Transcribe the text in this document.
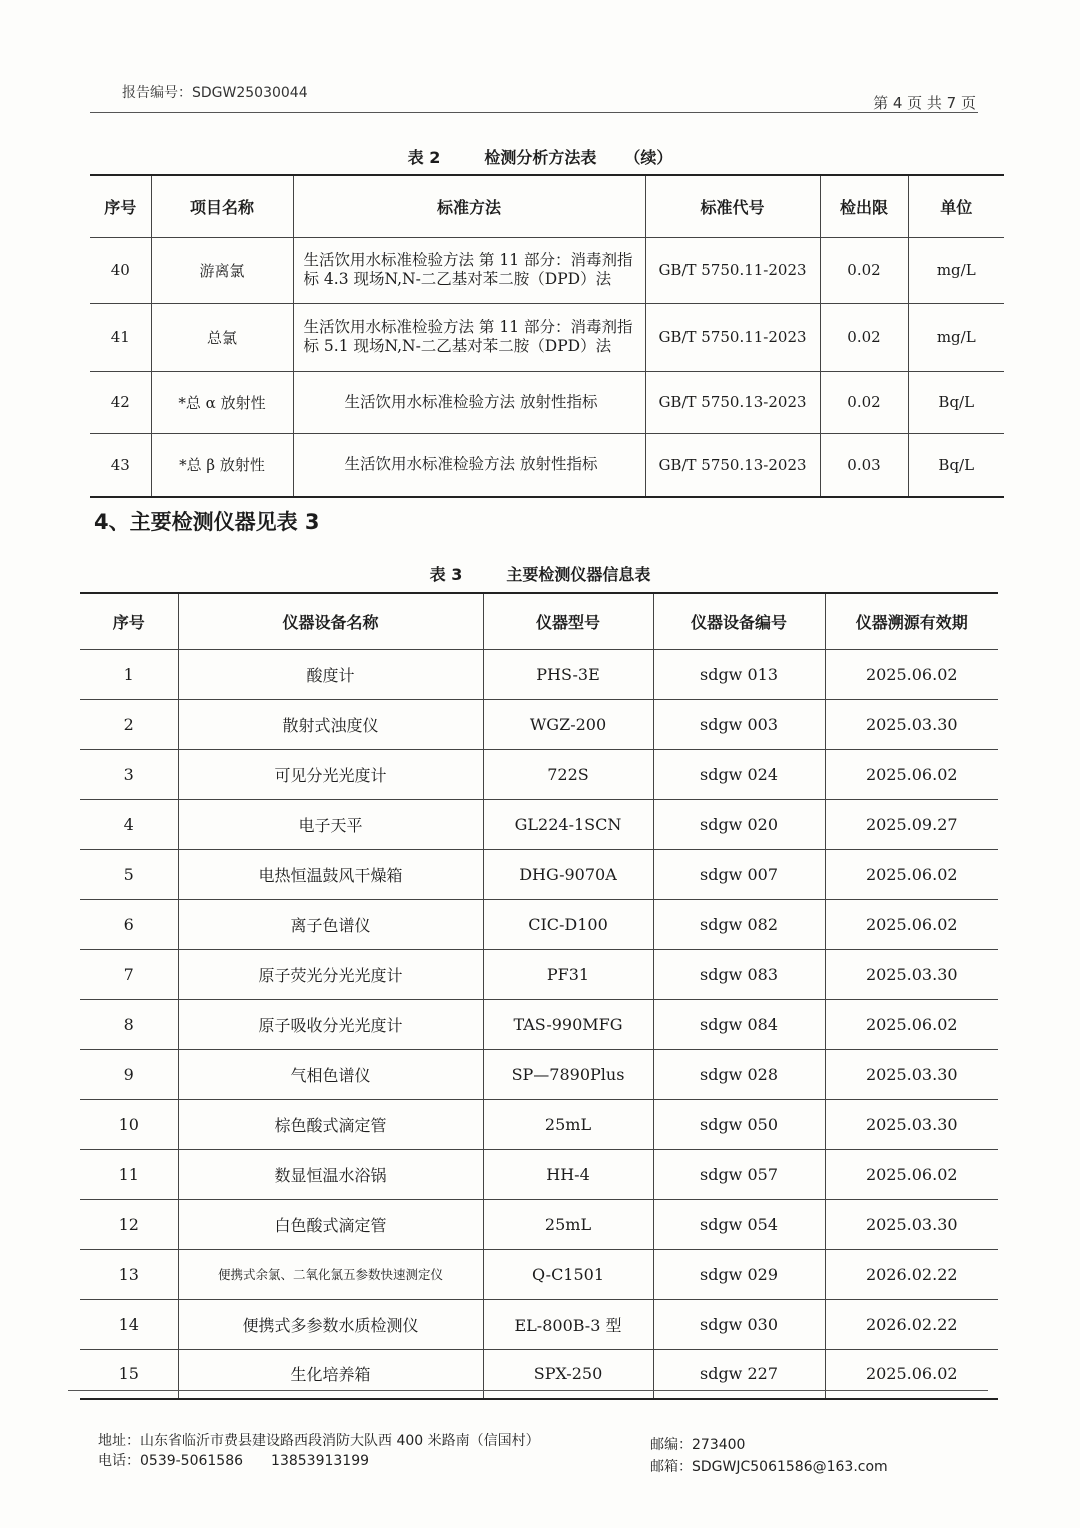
报告编号：SDGW25030044
第 4 页 共 7 页
表 2	检测分析方法表 （续）
序号	项目名称	标准方法	标准代号	检出限	单位
40	游离氯	生活饮用水标准检验方法 第 11 部分：消毒剂指标 4.3 现场N,N-二乙基对苯二胺（DPD）法	GB/T 5750.11-2023	0.02	mg/L
41	总氯	生活饮用水标准检验方法 第 11 部分：消毒剂指标 5.1 现场N,N-二乙基对苯二胺（DPD）法	GB/T 5750.11-2023	0.02	mg/L
42	*总 α 放射性	生活饮用水标准检验方法 放射性指标	GB/T 5750.13-2023	0.02	Bq/L
43	*总 β 放射性	生活饮用水标准检验方法 放射性指标	GB/T 5750.13-2023	0.03	Bq/L
4、主要检测仪器见表 3
表 3	主要检测仪器信息表
序号	仪器设备名称	仪器型号	仪器设备编号	仪器溯源有效期
1	酸度计	PHS-3E	sdgw 013	2025.06.02
2	散射式浊度仪	WGZ-200	sdgw 003	2025.03.30
3	可见分光光度计	722S	sdgw 024	2025.06.02
4	电子天平	GL224-1SCN	sdgw 020	2025.09.27
5	电热恒温鼓风干燥箱	DHG-9070A	sdgw 007	2025.06.02
6	离子色谱仪	CIC-D100	sdgw 082	2025.06.02
7	原子荧光分光光度计	PF31	sdgw 083	2025.03.30
8	原子吸收分光光度计	TAS-990MFG	sdgw 084	2025.06.02
9	气相色谱仪	SP—7890Plus	sdgw 028	2025.03.30
10	棕色酸式滴定管	25mL	sdgw 050	2025.03.30
11	数显恒温水浴锅	HH-4	sdgw 057	2025.06.02
12	白色酸式滴定管	25mL	sdgw 054	2025.03.30
13	便携式余氯、二氧化氯五参数快速测定仪	Q-C1501	sdgw 029	2026.02.22
14	便携式多参数水质检测仪	EL-800B-3 型	sdgw 030	2026.02.22
15	生化培养箱	SPX-250	sdgw 227	2025.06.02
地址：山东省临沂市费县建设路西段消防大队西 400 米路南（信国村）
电话：0539-5061586　　13853913199
邮编：273400
邮箱：SDGWJC5061586@163.com
